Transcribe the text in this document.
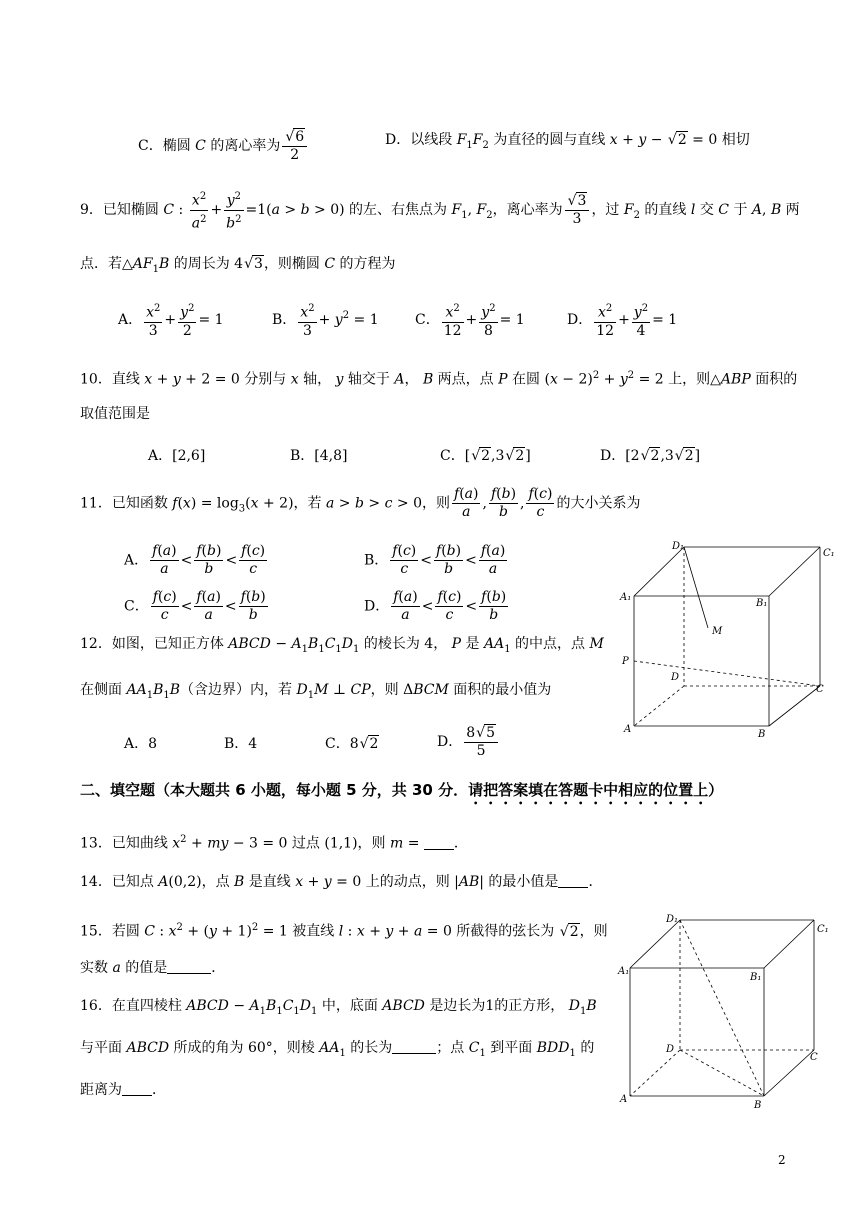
C．椭圆 C 的离心率为 √ $\frac{6}{2}$	D．以线段 $F_1F_2$ 为直径的圆与直线 x + y − √ 2 = 0 相切
9．已知椭圆 C : $\frac{x^2}{a^2} + \frac{y^2}{b^2} =1(a > b > 0)$ 的左、右焦点为 $F_1$, $F_2$，离心率为 √ $\frac{3}{3}$ ，过 $F_2$ 的直线 l 交 C 于 A, B 两
点．若$\triangle AF_1B$ 的周长为 4 √ 3，则椭圆 C 的方程为
A． $\frac{x^2}{3} + \frac{y^2}{2} = 1$	B． $\frac{x^2}{3} + y^2 = 1$	C． $\frac{x^2}{12} + \frac{y^2}{8} = 1$	D． $\frac{x^2}{12} + \frac{y^2}{4} = 1$
10．直线 x + y + 2 = 0 分别与 x 轴， y 轴交于 A， B 两点，点 P 在圆 $(x - 2)^2 + y^2 = 2$ 上，则△ABP 面积的
取值范围是
A．[2,6]	B．[4,8]	C．[ √ 2,3 √ 2]	D．[2 √ 2,3 √ 2]
11．已知函数 $f(x) = \log_3(x + 2)$，若 a > b > c > 0，则 $\frac{f(a)}{a}$ , $\frac{f(b)}{b}$ , $\frac{f(c)}{c}$ 的大小关系为
A． $\frac{f(a)}{a} < \frac{f(b)}{b} < \frac{f(c)}{c}$	B． $\frac{f(c)}{c} < \frac{f(b)}{b} < \frac{f(a)}{a}$
C． $\frac{f(c)}{c} < \frac{f(a)}{a} < \frac{f(b)}{b}$	D． $\frac{f(a)}{a} < \frac{f(c)}{c} < \frac{f(b)}{b}$
12．如图，已知正方体 ABCD − $A_1B_1C_1D_1$ 的棱长为 4， P 是 $AA_1$ 的中点，点 M
在侧面 $AA_1B_1B$（含边界）内，若 $D_1M$ ⊥ CP，则 ΔBCM 面积的最小值为
A．8	B．4	C．8 √ 2	D． $\frac{8 √ 5}{5}$
D₁
C₁
A₁
B₁
M
P
D
C
A	B
二、填空题（本大题共 6 小题，每小题 5 分，共 30 分．请把答案填在答题卡中相应的位置上）
13．已知曲线 $x^2$ + my − 3 = 0 过点 (1,1)，则 m = ．
14．已知点 A(0,2)，点 B 是直线 x + y = 0 上的动点，则 |AB| 的最小值是 ．
15．若圆 C : $x^2 + (y + 1)^2 = 1$ 被直线 l : x + y + a = 0 所截得的弦长为 √ 2，则
实数 a 的值是	．
16．在直四棱柱 ABCD − $A_1B_1C_1D_1$ 中，底面 ABCD 是边长为1的正方形， $D_1B$
与平面 ABCD 所成的角为 60°，则棱 $AA_1$ 的长为	；点 $C_1$ 到平面 $BDD_1$ 的
距离为 ．
D₁
C₁
A₁
B₁
D
C
A
B
2
